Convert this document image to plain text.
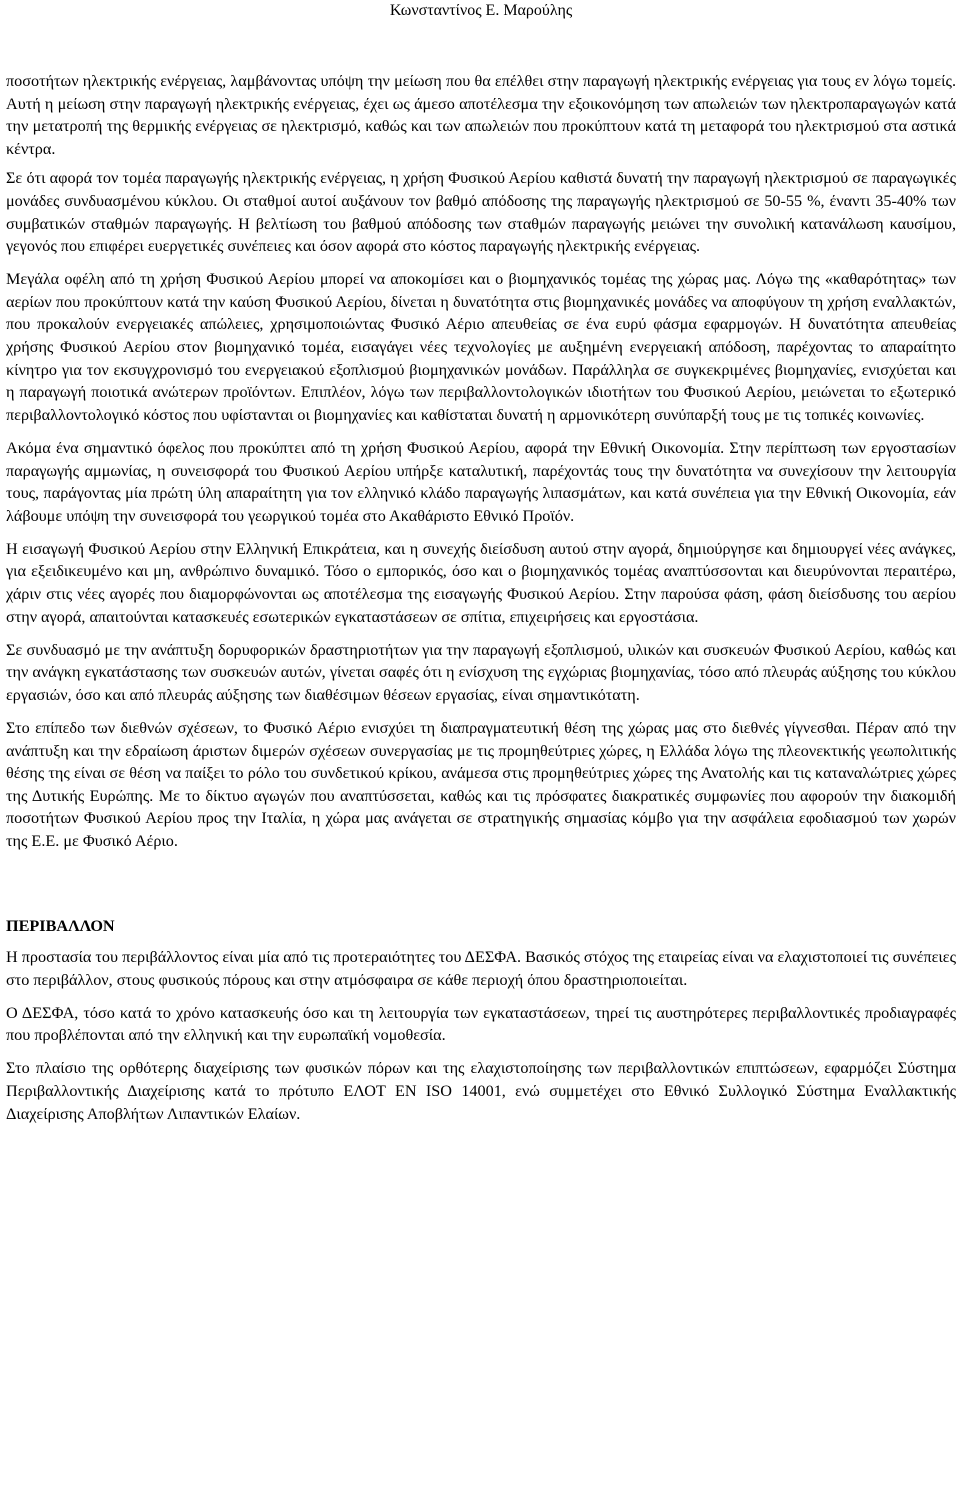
Κωνσταντίνος Ε. Μαρούλης

ποσοτήτων ηλεκτρικής ενέργειας, λαμβάνοντας υπόψη την μείωση που θα επέλθει στην παραγωγή ηλεκτρικής ενέργειας για τους εν λόγω τομείς. Αυτή η μείωση στην παραγωγή ηλεκτρικής ενέργειας, έχει ως άμεσο αποτέλεσμα την εξοικονόμηση των απωλειών των ηλεκτροπαραγωγών κατά την μετατροπή της θερμικής ενέργειας σε ηλεκτρισμό, καθώς και των απωλειών που προκύπτουν κατά τη μεταφορά του ηλεκτρισμού στα αστικά κέντρα.

Σε ότι αφορά τον τομέα παραγωγής ηλεκτρικής ενέργειας, η χρήση Φυσικού Αερίου καθιστά δυνατή την παραγωγή ηλεκτρισμού σε παραγωγικές μονάδες συνδυασμένου κύκλου. Οι σταθμοί αυτοί αυξάνουν τον βαθμό απόδοσης της παραγωγής ηλεκτρισμού σε 50-55 %, έναντι 35-40% των συμβατικών σταθμών παραγωγής. Η βελτίωση του βαθμού απόδοσης των σταθμών παραγωγής μειώνει την συνολική κατανάλωση καυσίμου, γεγονός που επιφέρει ευεργετικές συνέπειες και όσον αφορά στο κόστος παραγωγής ηλεκτρικής ενέργειας.

Μεγάλα οφέλη από τη χρήση Φυσικού Αερίου μπορεί να αποκομίσει και ο βιομηχανικός τομέας της χώρας μας. Λόγω της «καθαρότητας» των αερίων που προκύπτουν κατά την καύση Φυσικού Αερίου, δίνεται η δυνατότητα στις βιομηχανικές μονάδες να αποφύγουν τη χρήση εναλλακτών, που προκαλούν ενεργειακές απώλειες, χρησιμοποιώντας Φυσικό Αέριο απευθείας σε ένα ευρύ φάσμα εφαρμογών. Η δυνατότητα απευθείας χρήσης Φυσικού Αερίου στον βιομηχανικό τομέα, εισαγάγει νέες τεχνολογίες με αυξημένη ενεργειακή απόδοση, παρέχοντας το απαραίτητο κίνητρο για τον εκσυγχρονισμό του ενεργειακού εξοπλισμού βιομηχανικών μονάδων. Παράλληλα σε συγκεκριμένες βιομηχανίες, ενισχύεται και η παραγωγή ποιοτικά ανώτερων προϊόντων. Επιπλέον, λόγω των περιβαλλοντολογικών ιδιοτήτων του Φυσικού Αερίου, μειώνεται το εξωτερικό περιβαλλοντολογικό κόστος που υφίστανται οι βιομηχανίες και καθίσταται δυνατή η αρμονικότερη συνύπαρξή τους με τις τοπικές κοινωνίες.

Ακόμα ένα σημαντικό όφελος που προκύπτει από τη χρήση Φυσικού Αερίου, αφορά την Εθνική Οικονομία. Στην περίπτωση των εργοστασίων παραγωγής αμμωνίας, η συνεισφορά του Φυσικού Αερίου υπήρξε καταλυτική, παρέχοντάς τους την δυνατότητα να συνεχίσουν την λειτουργία τους, παράγοντας μία πρώτη ύλη απαραίτητη για τον ελληνικό κλάδο παραγωγής λιπασμάτων, και κατά συνέπεια για την Εθνική Οικονομία, εάν λάβουμε υπόψη την συνεισφορά του γεωργικού τομέα στο Ακαθάριστο Εθνικό Προϊόν.

Η εισαγωγή Φυσικού Αερίου στην Ελληνική Επικράτεια, και η συνεχής διείσδυση αυτού στην αγορά, δημιούργησε και δημιουργεί νέες ανάγκες, για εξειδικευμένο και μη, ανθρώπινο δυναμικό. Τόσο ο εμπορικός, όσο και ο βιομηχανικός τομέας αναπτύσσονται και διευρύνονται περαιτέρω, χάριν στις νέες αγορές που διαμορφώνονται ως αποτέλεσμα της εισαγωγής Φυσικού Αερίου. Στην παρούσα φάση, φάση διείσδυσης του αερίου στην αγορά, απαιτούνται κατασκευές εσωτερικών εγκαταστάσεων σε σπίτια, επιχειρήσεις και εργοστάσια.

Σε συνδυασμό με την ανάπτυξη δορυφορικών δραστηριοτήτων για την παραγωγή εξοπλισμού, υλικών και συσκευών Φυσικού Αερίου, καθώς και την ανάγκη εγκατάστασης των συσκευών αυτών, γίνεται σαφές ότι η ενίσχυση της εγχώριας βιομηχανίας, τόσο από πλευράς αύξησης του κύκλου εργασιών, όσο και από πλευράς αύξησης των διαθέσιμων θέσεων εργασίας, είναι σημαντικότατη.

Στο επίπεδο των διεθνών σχέσεων, το Φυσικό Αέριο ενισχύει τη διαπραγματευτική θέση της χώρας μας στο διεθνές γίγνεσθαι. Πέραν από την ανάπτυξη και την εδραίωση άριστων διμερών σχέσεων συνεργασίας με τις προμηθεύτριες χώρες, η Ελλάδα λόγω της πλεονεκτικής γεωπολιτικής θέσης της είναι σε θέση να παίξει το ρόλο του συνδετικού κρίκου, ανάμεσα στις προμηθεύτριες χώρες της Ανατολής και τις καταναλώτριες χώρες της Δυτικής Ευρώπης. Με το δίκτυο αγωγών που αναπτύσσεται, καθώς και τις πρόσφατες διακρατικές συμφωνίες που αφορούν την διακομιδή ποσοτήτων Φυσικού Αερίου προς την Ιταλία, η χώρα μας ανάγεται σε στρατηγικής σημασίας κόμβο για την ασφάλεια εφοδιασμού των χωρών της Ε.Ε. με Φυσικό Αέριο.

ΠΕΡΙΒΑΛΛΟΝ

Η προστασία του περιβάλλοντος είναι μία από τις προτεραιότητες του ΔΕΣΦΑ. Βασικός στόχος της εταιρείας είναι να ελαχιστοποιεί τις συνέπειες στο περιβάλλον, στους φυσικούς πόρους και στην ατμόσφαιρα σε κάθε περιοχή όπου δραστηριοποιείται.

Ο ΔΕΣΦΑ, τόσο κατά το χρόνο κατασκευής όσο και τη λειτουργία των εγκαταστάσεων, τηρεί τις αυστηρότερες περιβαλλοντικές προδιαγραφές που προβλέπονται από την ελληνική και την ευρωπαϊκή νομοθεσία.

Στο πλαίσιο της ορθότερης διαχείρισης των φυσικών πόρων και της ελαχιστοποίησης των περιβαλλοντικών επιπτώσεων, εφαρμόζει Σύστημα Περιβαλλοντικής Διαχείρισης κατά το πρότυπο ΕΛΟΤ ΕΝ ISO 14001, ενώ συμμετέχει στο Εθνικό Συλλογικό Σύστημα Εναλλακτικής Διαχείρισης Αποβλήτων Λιπαντικών Ελαίων.
